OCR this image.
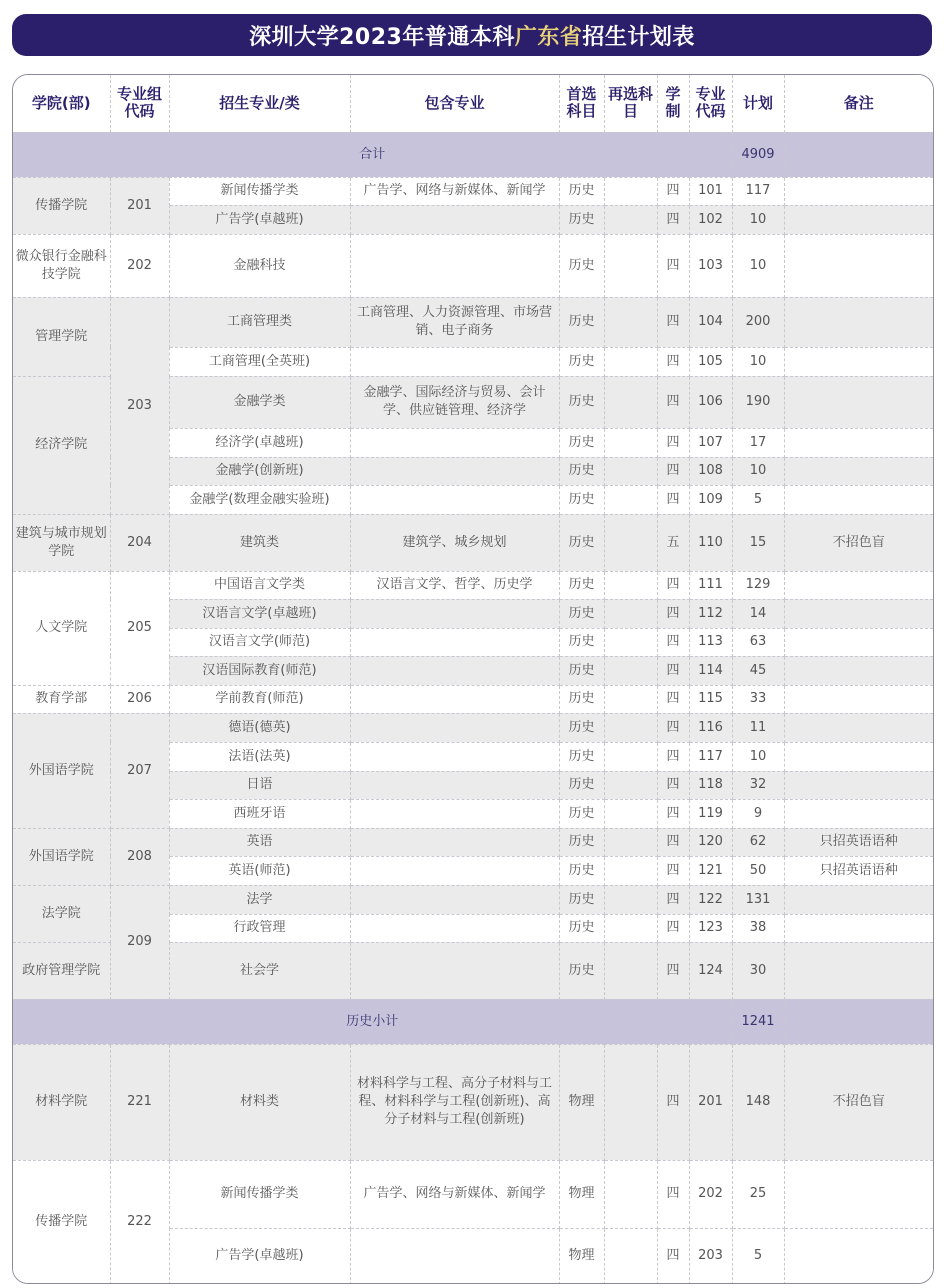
深圳大学2023年普通本科 广东省 招生计划表
学院(部)	专业组代码	招生专业/类	包含专业	首选科目	再选科目	学制	专业代码	计划	备注
合计								4909	
传播学院	201	新闻传播学类	广告学、网络与新媒体、新闻学	历史		四	101	117	
		广告学(卓越班)		历史		四	102	10	
微众银行金融科技学院	202	金融科技		历史		四	103	10	
管理学院	203	工商管理类	工商管理、人力资源管理、市场营销、电子商务	历史		四	104	200	
		工商管理(全英班)		历史		四	105	10	
经济学院		金融学类	金融学、国际经济与贸易、会计学、供应链管理、经济学	历史		四	106	190	
		经济学(卓越班)		历史		四	107	17	
		金融学(创新班)		历史		四	108	10	
		金融学(数理金融实验班)		历史		四	109	5	
建筑与城市规划学院	204	建筑类	建筑学、城乡规划	历史		五	110	15	不招色盲
人文学院	205	中国语言文学类	汉语言文学、哲学、历史学	历史		四	111	129	
		汉语言文学(卓越班)		历史		四	112	14	
		汉语言文学(师范)		历史		四	113	63	
		汉语国际教育(师范)		历史		四	114	45	
教育学部	206	学前教育(师范)		历史		四	115	33	
外国语学院	207	德语(德英)		历史		四	116	11	
		法语(法英)		历史		四	117	10	
		日语		历史		四	118	32	
		西班牙语		历史		四	119	9	
外国语学院	208	英语		历史		四	120	62	只招英语语种
		英语(师范)		历史		四	121	50	只招英语语种
法学院	209	法学		历史		四	122	131	
		行政管理		历史		四	123	38	
政府管理学院		社会学		历史		四	124	30	
历史小计								1241	
材料学院	221	材料类	材料科学与工程、高分子材料与工程、材料科学与工程(创新班)、高分子材料与工程(创新班)	物理		四	201	148	不招色盲
传播学院	222	新闻传播学类	广告学、网络与新媒体、新闻学	物理		四	202	25	
		广告学(卓越班)		物理		四	203	5	
